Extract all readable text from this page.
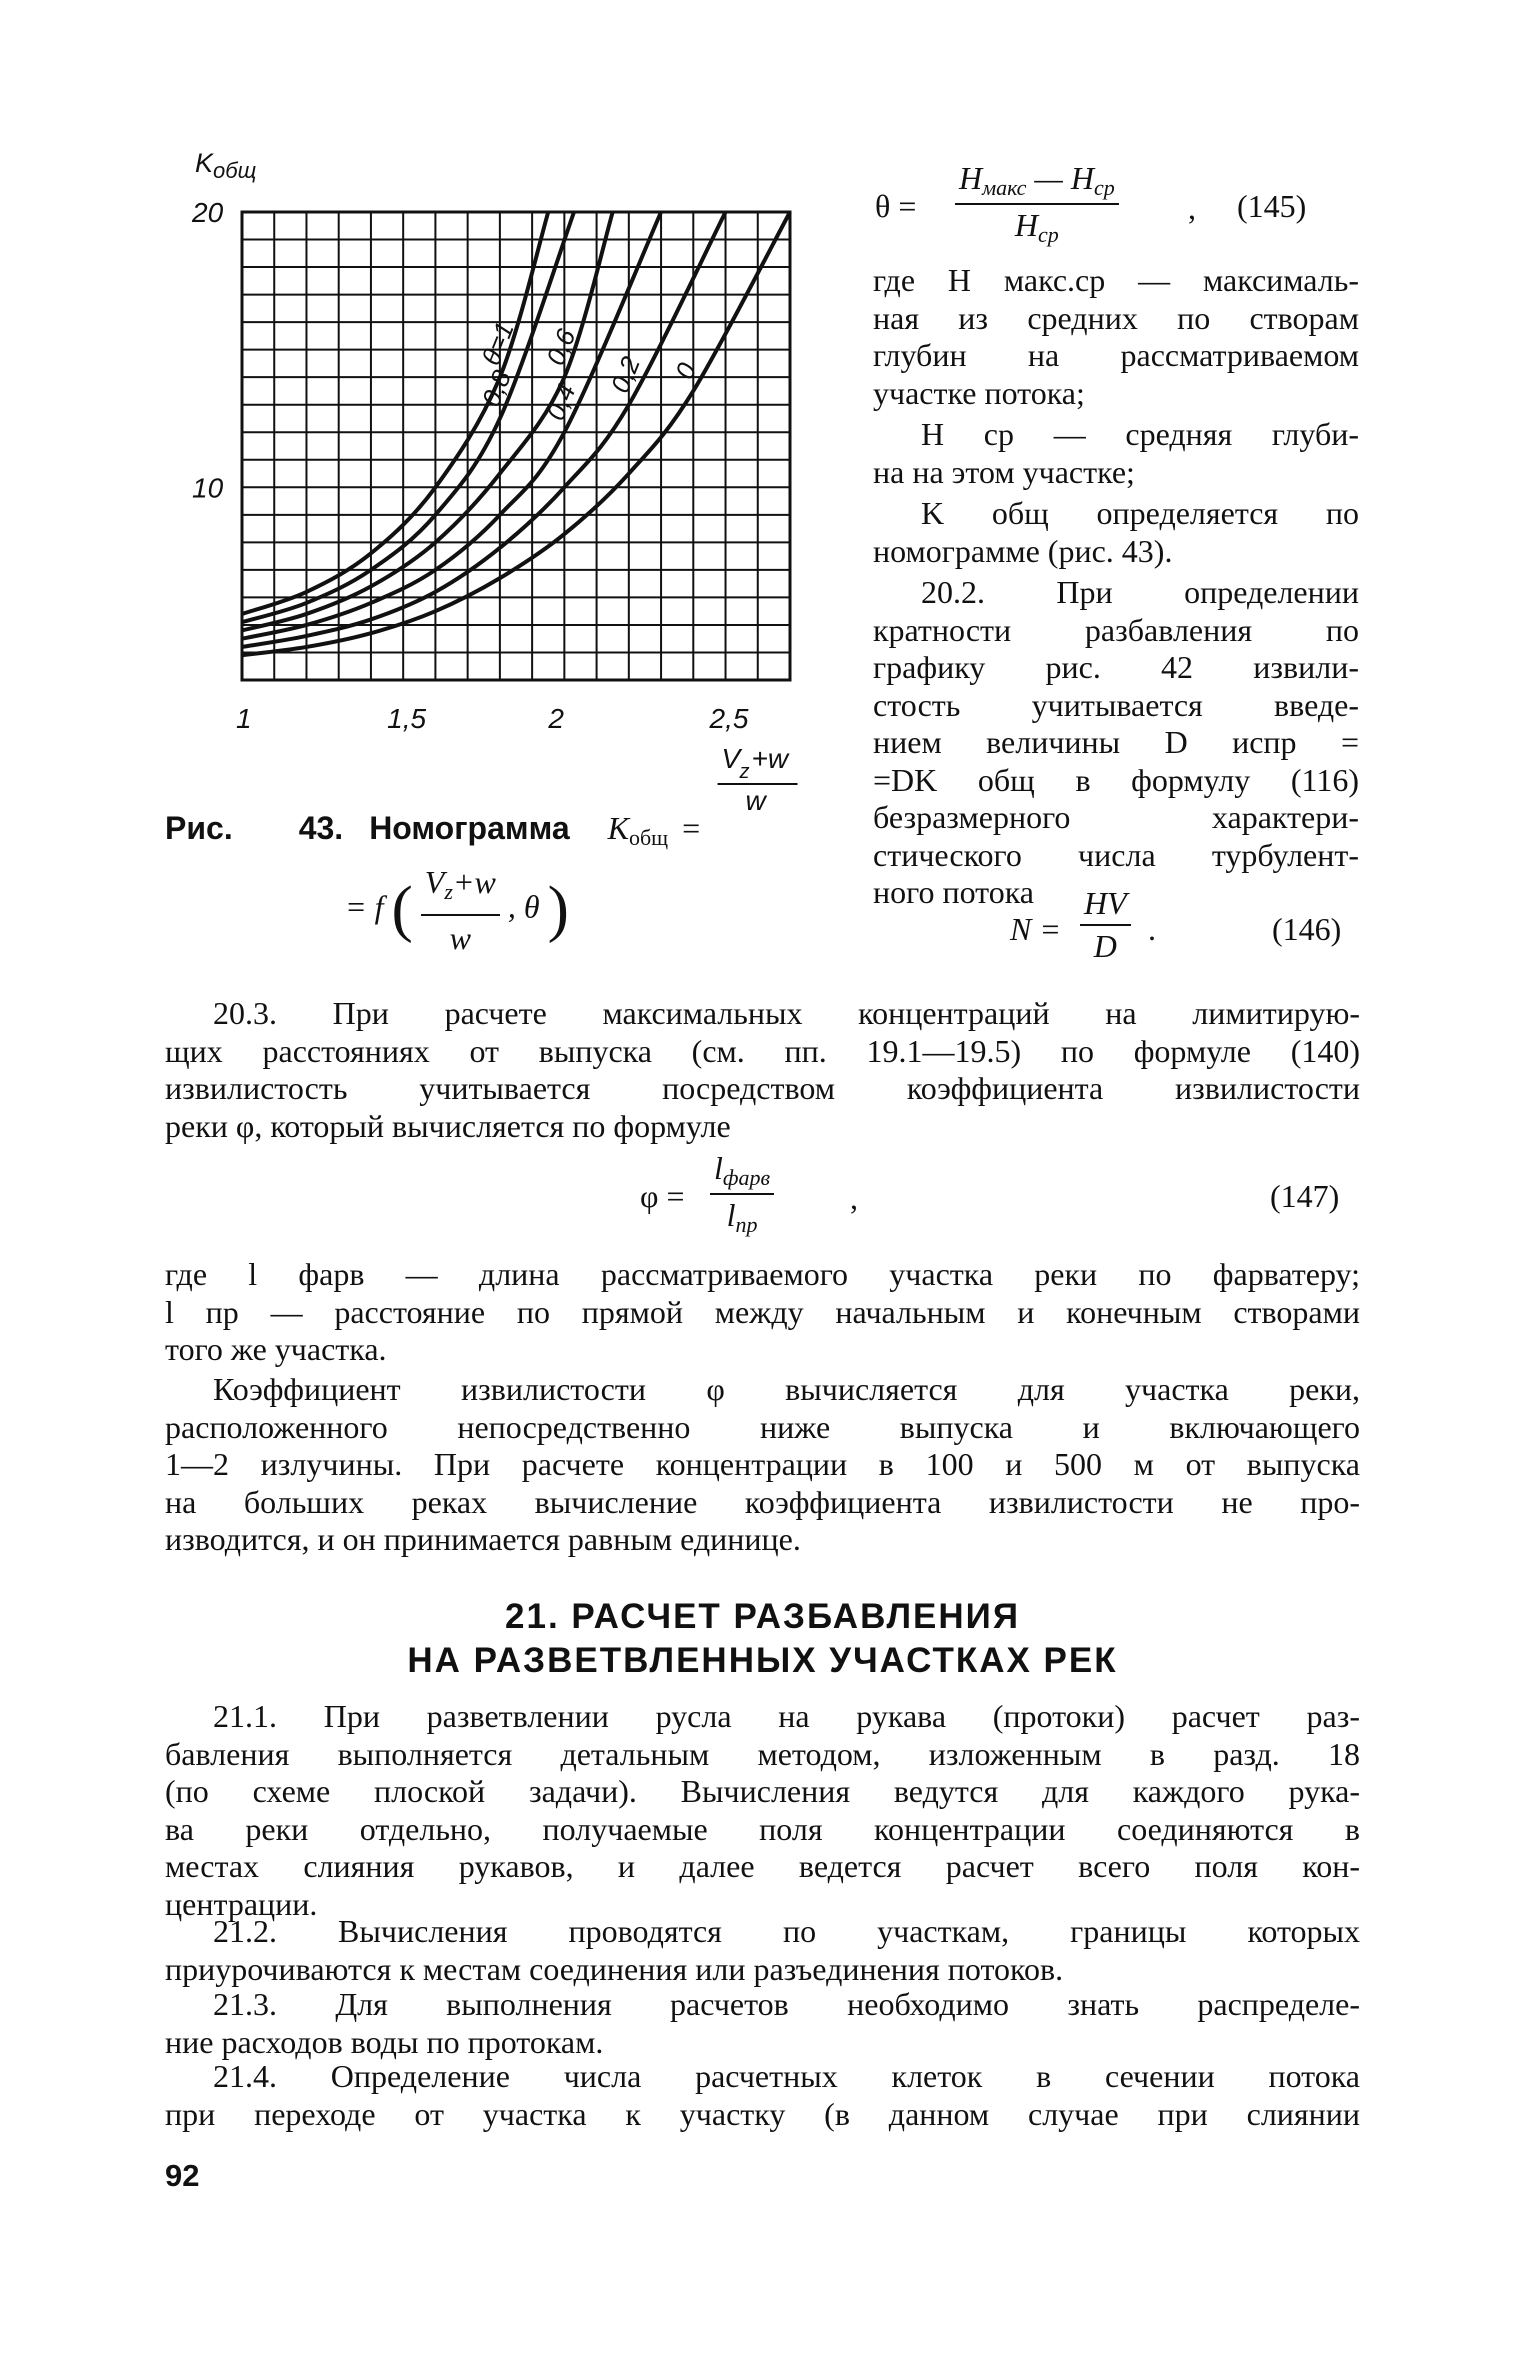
θ=1
0,8
0,6
0,4
0,2 0
20
10
1	1,5	2	2,5
V z +w
w
$K_{общ}$
Рис. 43. Номограмма $K_{общ}$ =
= f ( $\frac{V_z+w}{w}$ , θ )
θ =
$H_{макс}$ — $H_{ср}$
$H_{ср}$
, (145)
где H макс.ср — максималь-
ная из средних по створам
глубин на рассматриваемом
участке потока;
H ср — средняя глуби-
на на этом участке;
K общ определяется по
номограмме (рис. 43).
20.2. При определении
кратности разбавления по
графику рис. 42 извили-
стость учитывается введе-
нием величины D испр =
=DK общ в формулу (116)
безразмерного характери-
стического числа турбулент-
ного потока
$N = \frac{HV}{D}$ .	(146)
20.3. При расчете максимальных концентраций на лимитирую-
щих расстояниях от выпуска (см. пп. 19.1—19.5) по формуле (140)
извилистость учитывается посредством коэффициента извилистости
реки φ, который вычисляется по формуле
φ =
$l_{фарв}$
$l_{пр}$
,	(147)
где l фарв — длина рассматриваемого участка реки по фарватеру;
l пр — расстояние по прямой между начальным и конечным створами
того же участка.
Коэффициент извилистости φ вычисляется для участка реки,
расположенного непосредственно ниже выпуска и включающего
1—2 излучины. При расчете концентрации в 100 и 500 м от выпуска
на больших реках вычисление коэффициента извилистости не про-
изводится, и он принимается равным единице.
21. РАСЧЕТ РАЗБАВЛЕНИЯ
НА РАЗВЕТВЛЕННЫХ УЧАСТКАХ РЕК
21.1. При разветвлении русла на рукава (протоки) расчет раз-
бавления выполняется детальным методом, изложенным в разд. 18
(по схеме плоской задачи). Вычисления ведутся для каждого рука-
ва реки отдельно, получаемые поля концентрации соединяются в
местах слияния рукавов, и далее ведется расчет всего поля кон-
центрации.
21.2. Вычисления проводятся по участкам, границы которых
приурочиваются к местам соединения или разъединения потоков.
21.3. Для выполнения расчетов необходимо знать распределе-
ние расходов воды по протокам.
21.4. Определение числа расчетных клеток в сечении потока
при переходе от участка к участку (в данном случае при слиянии
92
